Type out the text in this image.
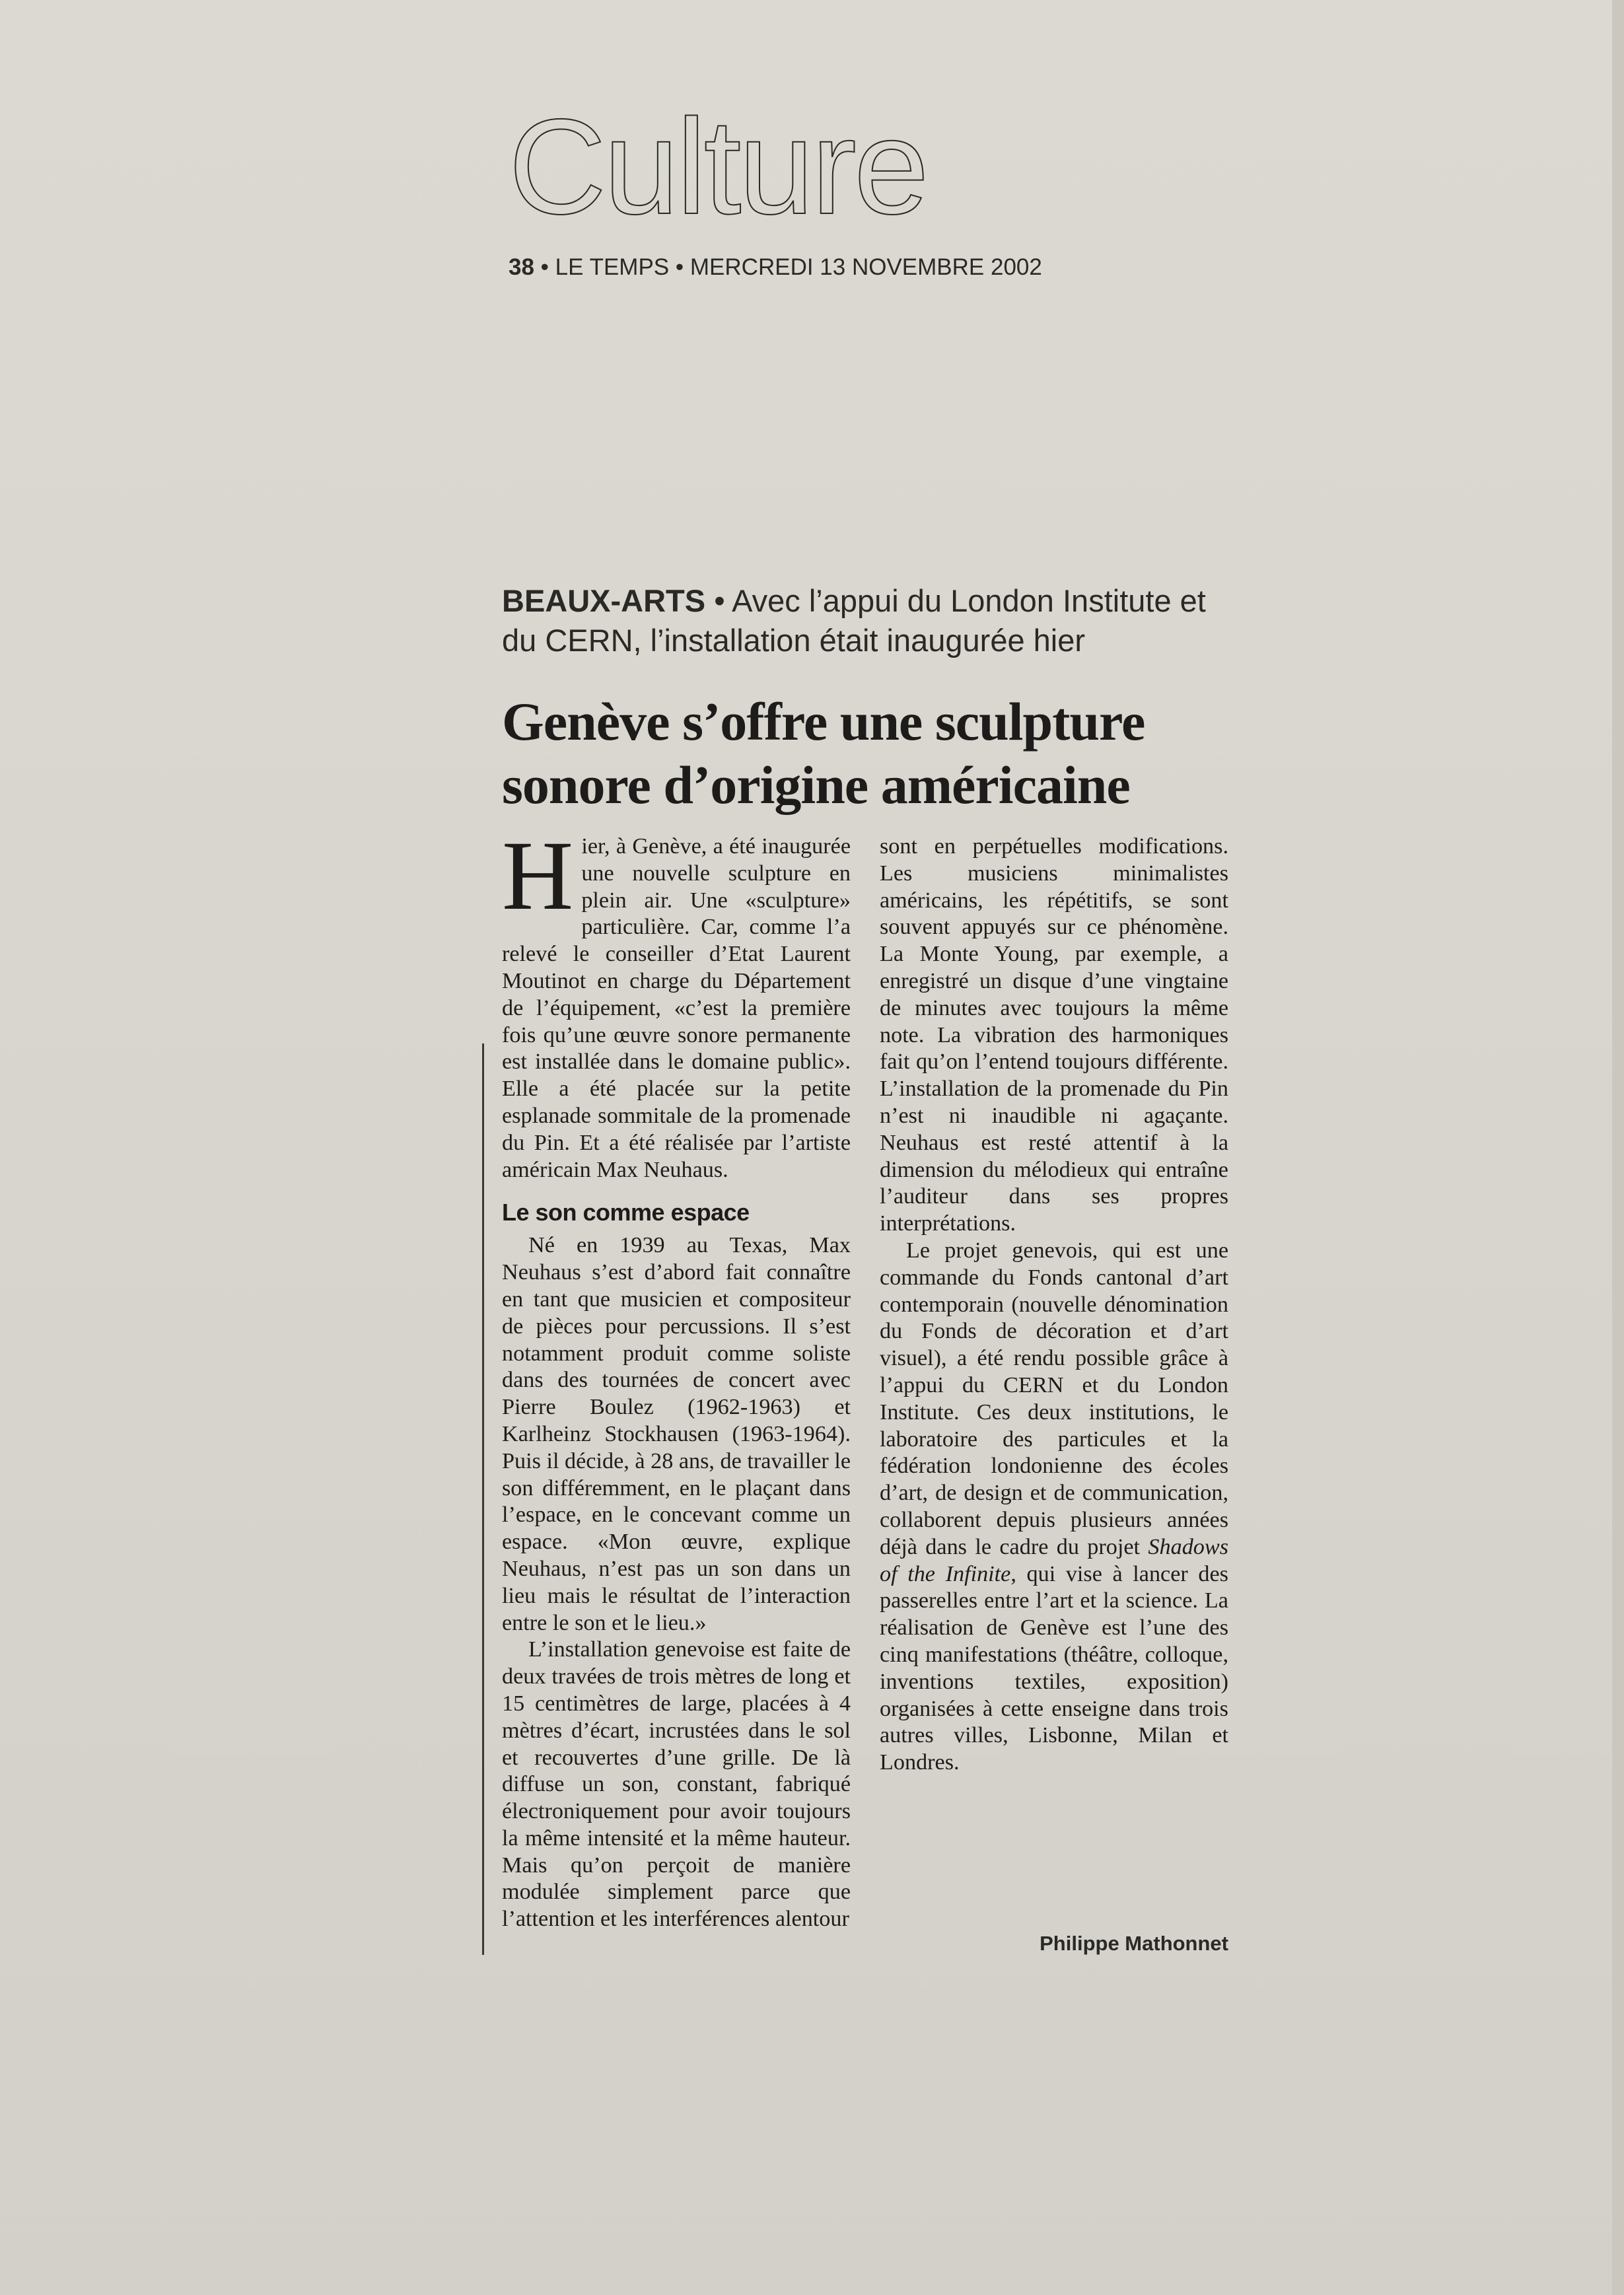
Culture
38 • LE TEMPS • MERCREDI 13 NOVEMBRE 2002
BEAUX-ARTS • Avec l’appui du London Institute et du CERN, l’installation était inaugurée hier
Genève s’offre une sculpture sonore d’origine américaine

Hier, à Genève, a été inaugurée une nouvelle sculpture en plein air. Une «sculpture» particulière. Car, comme l’a relevé le conseiller d’Etat Laurent Moutinot en charge du Département de l’équipement, «c’est la première fois qu’une œuvre sonore permanente est installée dans le domaine public». Elle a été placée sur la petite esplanade sommitale de la promenade du Pin. Et a été réalisée par l’artiste américain Max Neuhaus.

Le son comme espace

Né en 1939 au Texas, Max Neuhaus s’est d’abord fait connaître en tant que musicien et compositeur de pièces pour percussions. Il s’est notamment produit comme soliste dans des tournées de concert avec Pierre Boulez (1962-1963) et Karlheinz Stockhausen (1963-1964). Puis il décide, à 28 ans, de travailler le son différemment, en le plaçant dans l’espace, en le concevant comme un espace. «Mon œuvre, explique Neuhaus, n’est pas un son dans un lieu mais le résultat de l’interaction entre le son et le lieu.»

L’installation genevoise est faite de deux travées de trois mètres de long et 15 centimètres de large, placées à 4 mètres d’écart, incrustées dans le sol et recouvertes d’une grille. De là diffuse un son, constant, fabriqué électroniquement pour avoir toujours la même intensité et la même hauteur. Mais qu’on perçoit de manière modulée simplement parce que l’attention et les interférences alentour

sont en perpétuelles modifications. Les musiciens minimalistes américains, les répétitifs, se sont souvent appuyés sur ce phénomène. La Monte Young, par exemple, a enregistré un disque d’une vingtaine de minutes avec toujours la même note. La vibration des harmoniques fait qu’on l’entend toujours différente. L’installation de la promenade du Pin n’est ni inaudible ni agaçante. Neuhaus est resté attentif à la dimension du mélodieux qui entraîne l’auditeur dans ses propres interprétations.

Le projet genevois, qui est une commande du Fonds cantonal d’art contemporain (nouvelle dénomination du Fonds de décoration et d’art visuel), a été rendu possible grâce à l’appui du CERN et du London Institute. Ces deux institutions, le laboratoire des particules et la fédération londonienne des écoles d’art, de design et de communication, collaborent depuis plusieurs années déjà dans le cadre du projet Shadows of the Infinite, qui vise à lancer des passerelles entre l’art et la science. La réalisation de Genève est l’une des cinq manifestations (théâtre, colloque, inventions textiles, exposition) organisées à cette enseigne dans trois autres villes, Lisbonne, Milan et Londres.

Philippe Mathonnet
